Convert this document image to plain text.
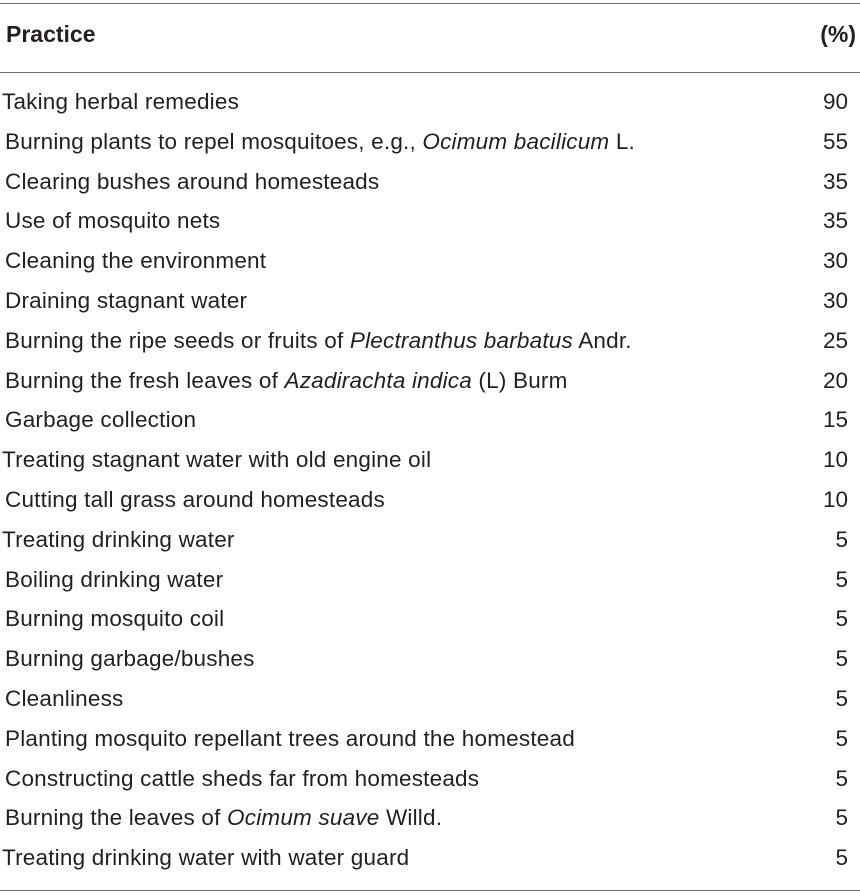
Practice	(%)
Taking herbal remedies	90
Burning plants to repel mosquitoes, e.g., Ocimum bacilicum L.	55
Clearing bushes around homesteads	35
Use of mosquito nets	35
Cleaning the environment	30
Draining stagnant water	30
Burning the ripe seeds or fruits of Plectranthus barbatus Andr.	25
Burning the fresh leaves of Azadirachta indica (L) Burm	20
Garbage collection	15
Treating stagnant water with old engine oil	10
Cutting tall grass around homesteads	10
Treating drinking water	5
Boiling drinking water	5
Burning mosquito coil	5
Burning garbage/bushes	5
Cleanliness	5
Planting mosquito repellant trees around the homestead	5
Constructing cattle sheds far from homesteads	5
Burning the leaves of Ocimum suave Willd.	5
Treating drinking water with water guard	5
